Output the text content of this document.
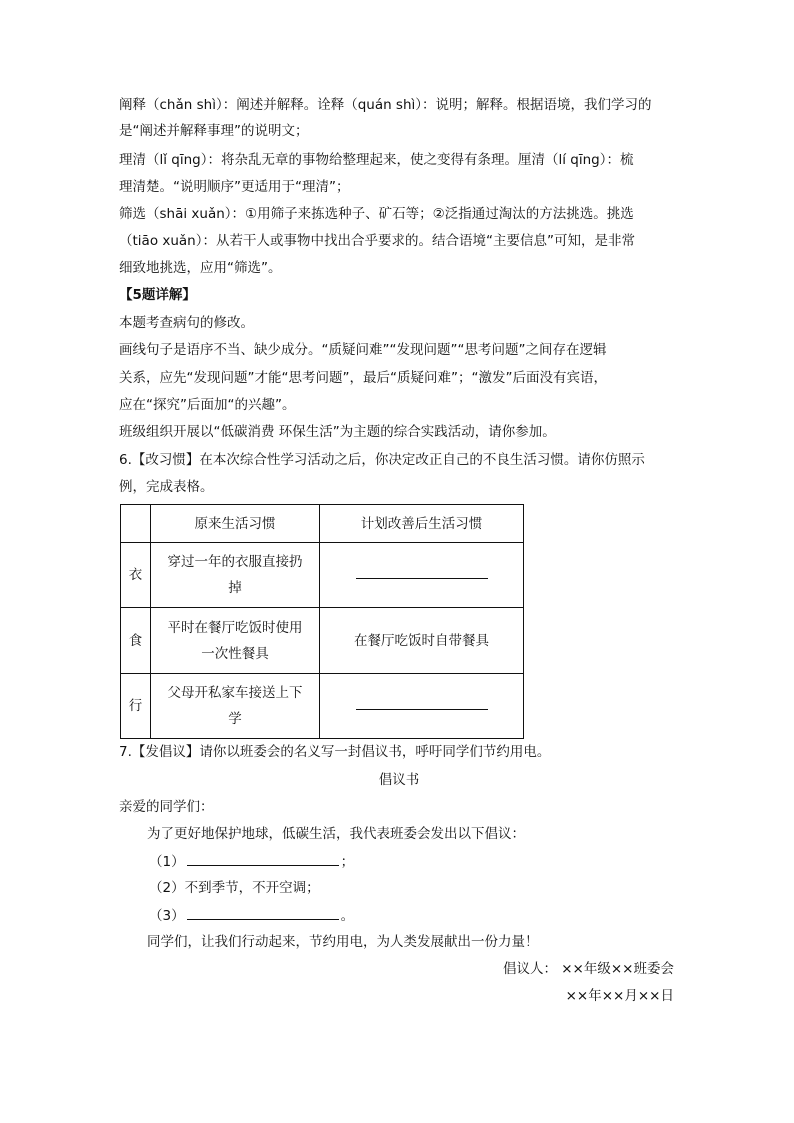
阐释（chǎn shì）：阐述并解释。诠释（quán shì）：说明；解释。根据语境，我们学习的
是“阐述并解释事理”的说明文；
理清（lǐ qīng）：将杂乱无章的事物给整理起来，使之变得有条理。厘清（lí qīng）：梳
理清楚。“说明顺序”更适用于“理清”；
筛选（shāi xuǎn）：①用筛子来拣选种子、矿石等；②泛指通过淘汰的方法挑选。挑选
（tiāo xuǎn）：从若干人或事物中找出合乎要求的。结合语境“主要信息”可知，是非常
细致地挑选，应用“筛选”。
【5题详解】
本题考查病句的修改。
画线句子是语序不当、缺少成分。“质疑问难”“发现问题”“思考问题”之间存在逻辑
关系，应先“发现问题”才能“思考问题”，最后“质疑问难”；“激发”后面没有宾语，
应在“探究”后面加“的兴趣”。
班级组织开展以“低碳消费 环保生活”为主题的综合实践活动，请你参加。
6.【改习惯】在本次综合性学习活动之后，你决定改正自己的不良生活习惯。请你仿照示
例，完成表格。
	原来生活习惯	计划改善后生活习惯
衣	穿过一年的衣服直接扔掉	
食	平时在餐厅吃饭时使用一次性餐具	在餐厅吃饭时自带餐具
行	父母开私家车接送上下学	
7.【发倡议】请你以班委会的名义写一封倡议书，呼吁同学们节约用电。
倡议书
亲爱的同学们：
为了更好地保护地球，低碳生活，我代表班委会发出以下倡议：
（1）	；
（2）不到季节，不开空调；
（3）	。
同学们，让我们行动起来，节约用电，为人类发展献出一份力量！
倡议人： ××年级××班委会
××年××月××日
